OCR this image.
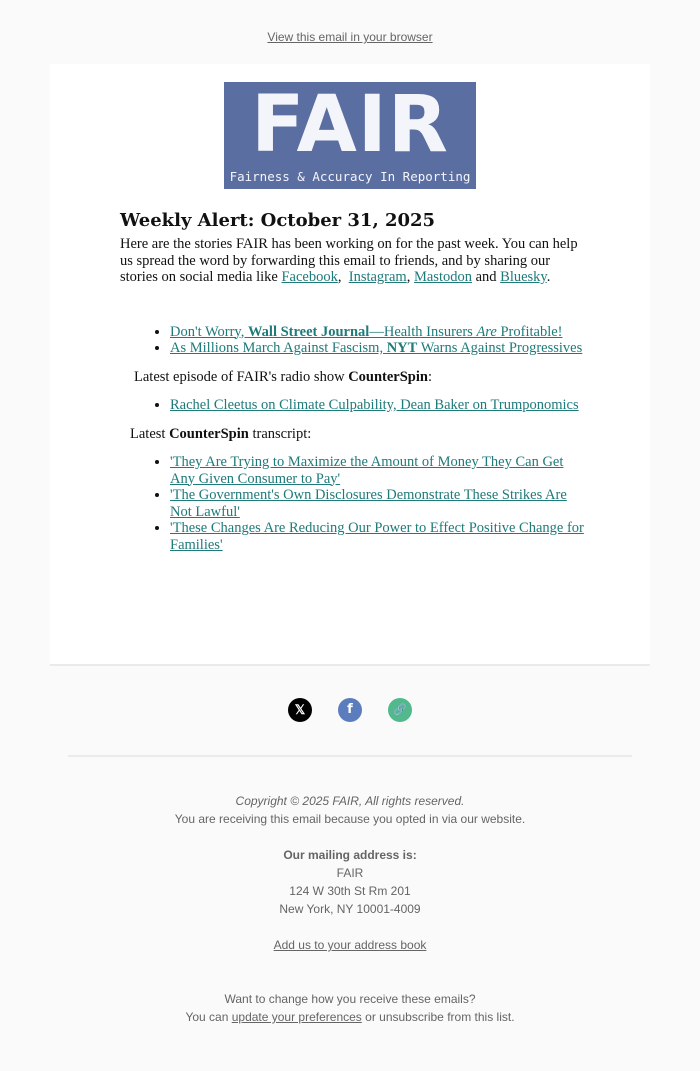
View this email in your browser
FAIR
Fairness & Accuracy In Reporting
Weekly Alert: October 31, 2025

Here are the stories FAIR has been working on for the past week. You can help us spread the word by forwarding this email to friends, and by sharing our stories on social media like Facebook,  Instagram, Mastodon and Bluesky.

• Don't Worry, Wall Street Journal—Health Insurers Are Profitable!
• As Millions March Against Fascism, NYT Warns Against Progressives

Latest episode of FAIR's radio show CounterSpin:

• Rachel Cleetus on Climate Culpability, Dean Baker on Trumponomics

Latest CounterSpin transcript:

• 'They Are Trying to Maximize the Amount of Money They Can Get Any Given Consumer to Pay'
• 'The Government's Own Disclosures Demonstrate These Strikes Are Not Lawful'
• 'These Changes Are Reducing Our Power to Effect Positive Change for Families'
𝕏	f	🔗
Copyright © 2025 FAIR, All rights reserved.
You are receiving this email because you opted in via our website.
Our mailing address is:
FAIR
124 W 30th St Rm 201
New York, NY 10001-4009
Add us to your address book
Want to change how you receive these emails?
You can update your preferences or unsubscribe from this list.
